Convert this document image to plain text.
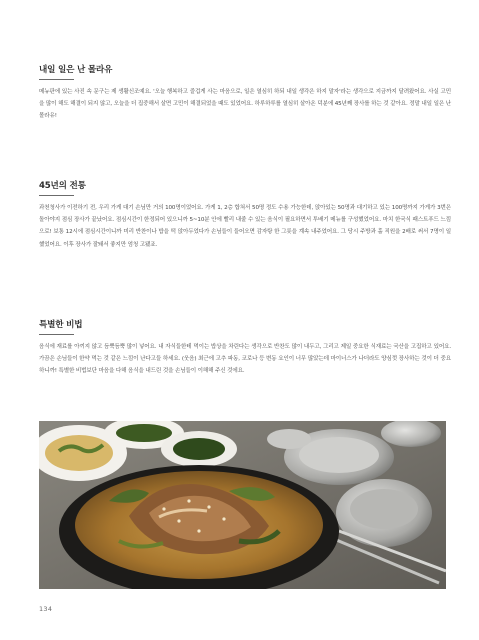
내일 일은 난 몰라유

메뉴판에 있는 사진 속 문구는 제 생활신조예요. '오늘 행복하고 즐겁게 사는 마음으로, 일은 열심히 하되 내일 생각은 하지 말자'라는 생각으로 지금까지 달려왔어요. 사실 고민을 많이 해도 해결이 되지 않고, 오늘을 더 집중해서 살면 고민이 해결되었을 때도 있었어요. 하루하루를 열심히 살아온 덕분에 45년째 장사를 하는 것 같아요. 정말 내일 일은 난 몰라유!

45년의 전통

과천청사가 이전하기 전, 우리 가게 대기 손님만 거의 100명이었어요. 가게 1, 2층 합쳐서 50명 정도 수용 가능한데, 앉아있는 50명과 대기하고 있는 100명까지 가게가 3번은 돌아야지 점심 장사가 끝났어요. 점심시간이 한정되어 있으니까 5~10분 안에 빨리 내줄 수 있는 음식이 필요하면서 투배기 메뉴를 구성했었어요. 마치 한국식 패스트푸드 느낌으로! 보통 12시에 점심시간이니까 미리 반찬이나 밥을 떡 앉아두었다가 손님들이 들어오면 감자탕 한 그릇을 계속 내주었어요. 그 당시 주방과 홀 직원을 2배로 써서 7명이 일했었어요. 이후 장사가 잘돼서 좋지만 엄청 고됐죠.

특별한 비법

음식에 재료를 아끼지 않고 듬뿍듬뿍 많이 넣어요. 내 자식들한테 먹이는 밥상을 차린다는 생각으로 반찬도 많이 내두고, 그리고 제일 중요한 식재료는 국산을 고집하고 있어요. 가끔은 손님들이 한약 먹는 것 같은 느낌이 난다고들 하세요. (웃음) 최근에 고추 파동, 코로나 등 변동 요인이 너무 많았는데 마이너스가 나더라도 양심껏 장사하는 것이 더 중요하니까! 특별한 비법보단 마음을 다해 음식을 내드린 것을 손님들이 이해해 주신 것에요.

134
